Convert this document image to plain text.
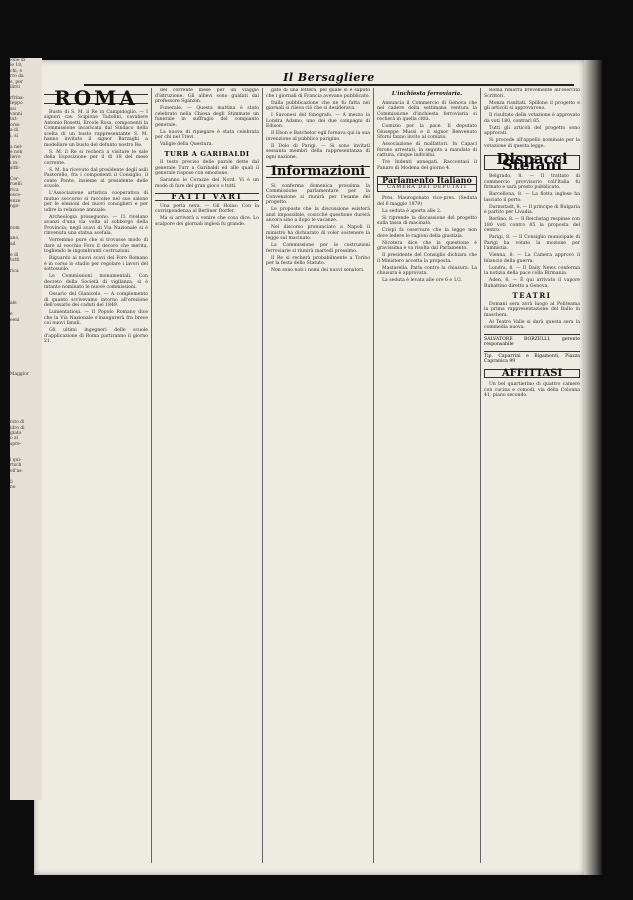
Il Bersagliere
ROMA

Busto di S. M. il Re in Campidoglio. — I signori cav. Scipione Tadolini, cavaliere Antonio Rosetti, Ercole Rosa, componenti la Commissione incaricata dal Sindaco della scelta di un busto rappresentante S. M. hanno invitato il signor Barzaghi a modellare un busto del defunto nostro Re.

S. M. il Re si recherà a visitare le sale della Esposizione per il dì 18 del mese corrente.

S. M. ha ricevuto dal presidente degli asili Pastorello, fra i componenti il Consiglio, il conte Ponte, insieme al presidente delle scuole.

L'Associazione artistica cooperativa di mutuo soccorso si raccolse nel suo salone per le elezioni dei nuovi consiglieri e per udire la relazione annuale.

Archeologia proseguono. — Ci rivelano avanzi d'una via volta al sobborgo della Provincia; negli scavi di Via Nazionale si è rinvenuta una statua acefala.

Vorremmo pure che si trovasse modo di dare al vecchio Foro il decoro che merita, togliendo le ingombranti costruzioni.

Riguardo ai nuovi scavi del Foro Romano è in corso lo studio per regolare i lavori del sottosuolo.

Le Commissioni monumentali. Con decreto della Società di vigilanza, si è intanto nominato le nuove commissioni.

Ossario del Gianicolo. — A complemento di quanto scrivevamo intorno all'erezione dell'ossario dei caduti del 1849.

Lumentatioui. — Il Popolo Romano dice che la Via Nazionale s'inaugurerà fra breve coi nuovi fanali.

Gli ultimi ingegneri delle scuole d'applicazione di Roma partiranno il giorno 21.

del corrente mese per un viaggio d'istruzione. Gli allievi sono guidati dal professore Sganzin.

Funerale. — Questa mattina è stato celebrato nella Chiesa degli Stimmate un funerale in suffragio del compianto generale.

La nuova di ripiegare è stata celebrata per chi nel Trevi.

Valigie della Questura.

TURB A GARIBALDI

Il testo preciso delle parole dette dal generale Turr a Garibaldi ed alle quali il generale rispose con emozione.

Saranno le Corazze del Nord. Vi è un modo di fare del gran gioco o tutti.

FATTI VARI

Una perla nera. — Gil Holas: Con la corrispondenza al Berliner Dorfer.

Ma si arriverà a venire che cosa dice. Lo scalpore dei giornali inglesi fu grande.

gato di una lettera, pel quale si è saputo che i giornali di Francia avevano pubblicato.

Dalla pubblicazione che ne fu fatta nei giornali si rileva ciò che si desiderava.

I Savonesi del fonografo. — A mezzo la Londra Adamo, uno dei due compagni di Edison.

Il Ebon e Batchelor egli fornava qui la sua invenzione al pubblico parigino.

Il Dolo di Parigi. — Si sono invitati sessanta membri della rappresentanza di ogni nazione.

Informazioni

Si conferma domenica prossima la Commissione parlamentare per la Convenzione si riunirà per l'esame del progetto.

Le proposte che la discussione esisterà anzi impossibile, cosicché questione durerà ancora sino a dopo le vacanze.

Nel discorso pronunciato a Napoli il ministro ha dichiarato di voler sostenere la legge sul macinato.

La Commissione per le costruzioni ferroviarie si riunirà martedì prossimo.

Il Re si recherà probabilmente a Torino per la festa dello Statuto.

Non sono noti i nomi dei nuovi senatori.

L'inchiesta ferroviaria.

Annuncia il Commercio di Genova che nel cadere della settimana ventura la Commissione d'inchiesta ferroviaria si recherà in quella città.

Comizio per la pace. Il deputato Giuseppe Mussi e il signor Benvenuto Sforni fanno invito al comizio.

Associazione di malfattori. In Capaci furono arrestati, in seguito a mandato di cattura, cinque individui.

Tre Indenti annegati. Raccontasi il Panaro di Modena del giorno 4.

Parlamento Italiano
CAMERA DEI DEPUTATI

Pres. Maurogonato vice-pres. (Seduta del 6 maggio 1879)

La seduta è aperta alle 2.

Si riprende la discussione del progetto sulla tassa di macinato.

Crispi fa osservare che la legge non deve ledere le ragioni della giustizia.

Nicotera dice che la questione è gravissima e va risolta dal Parlamento.

Il presidente del Consiglio dichiara che il Ministero accetta la proposta.

Mastarella. Parla contro la chiusura. La chiusura è approvata.

La seduta è levata alle ore 6 e 1/2.

Roma rimarrà brevemente all'esercito Scrittori.

Monza risultati. Spillone il progetto e gli articoli si approvarono.

Il risultato della votazione è approvato da voti 180, contrari 85.

Tutti gli articoli del progetto sono approvati.

Si procede all'appello nominale per la votazione di questa legge.

Dispacci Stefani

Belgrado, 8. — Il trattato di commercio provvisorio coll'Italia fu firmato e sarà presto pubblicato.

Barcellona, 8. — La flotta inglese ha lasciato il porto.

Darmstadt, 8. — Il principe di Bulgaria è partito per Livadia.

Berlino, 8. — Il Reichstag respinse con 180 voti contro 85 la proposta del centro.

Parigi, 8. — Il Consiglio municipale di Parigi ha votato la mozione per l'amnistia.

Vienna, 8. — La Camera approvò il bilancio della guerra.

Londra, 8. — Il Daily News conferma la notizia della pace colla Birmania.

Aden, 8. — È qui arrivato il vapore Rubattino diretto a Genova.

TEATRI

Domani sera avrà luogo al Politeama la prima rappresentazione del Ballo in maschera.

Al Teatro Valle si darà questa sera la commedia nuova.

SALVATORE BORZELLI, gerente responsabile
Tip. Caparrini e Bigamonti, Piazza Capranica 99
AFFITTASI

Un bel quartierino di quattro camere con cucina e comodi, via della Colonna 41, piano secondo.

ione di
le 18,
chi, e
rro da
e, per
ilirsi

rfrina-
teppo
ssi
vanni
tut-
orse
a di
i, si

a nel-
e non
lievo
i in-
sitti-

Cer-
ruelli
rica
osce-
enze
ngo-

nom

ano,
ad

e di
tutti

rica

ale

e
eeni

Maggior

rsto di
idro di
giato
o al
spre-

i qui-
rtsch
ell'as-

il
no
